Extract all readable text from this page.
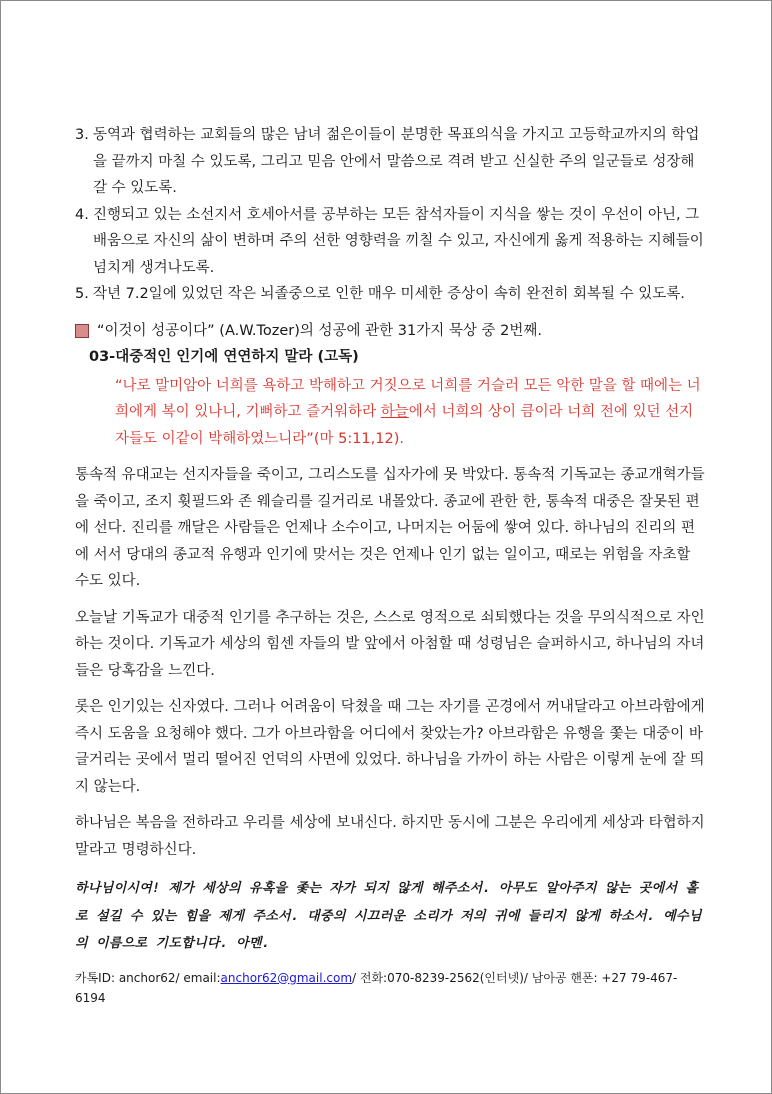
3. 동역과 협력하는 교회들의 많은 남녀 젊은이들이 분명한 목표의식을 가지고 고등학교까지의 학업을 끝까지 마칠 수 있도록, 그리고 믿음 안에서 말씀으로 격려 받고 신실한 주의 일군들로 성장해 갈 수 있도록.
4. 진행되고 있는 소선지서 호세아서를 공부하는 모든 참석자들이 지식을 쌓는 것이 우선이 아닌, 그 배움으로 자신의 삶이 변하며 주의 선한 영향력을 끼칠 수 있고, 자신에게 옳게 적용하는 지혜들이 넘치게 생겨나도록.
5. 작년 7.2일에 있었던 작은 뇌졸중으로 인한 매우 미세한 증상이 속히 완전히 회복될 수 있도록.
“이것이 성공이다” (A.W.Tozer)의 성공에 관한 31가지 묵상 중 2번째.
03-대중적인 인기에 연연하지 말라 (고독)
“나로 말미암아 너희를 욕하고 박해하고 거짓으로 너희를 거슬러 모든 악한 말을 할 때에는 너희에게 복이 있나니, 기뻐하고 즐거워하라 하늘에서 너희의 상이 큼이라 너희 전에 있던 선지자들도 이같이 박해하였느니라”(마 5:11,12).

통속적 유대교는 선지자들을 죽이고, 그리스도를 십자가에 못 박았다. 통속적 기독교는 종교개혁가들을 죽이고, 조지 휫필드와 존 웨슬리를 길거리로 내몰았다. 종교에 관한 한, 통속적 대중은 잘못된 편에 선다. 진리를 깨달은 사람들은 언제나 소수이고, 나머지는 어둠에 쌓여 있다. 하나님의 진리의 편에 서서 당대의 종교적 유행과 인기에 맞서는 것은 언제나 인기 없는 일이고, 때로는 위험을 자초할 수도 있다.

오늘날 기독교가 대중적 인기를 추구하는 것은, 스스로 영적으로 쇠퇴했다는 것을 무의식적으로 자인하는 것이다. 기독교가 세상의 힘센 자들의 발 앞에서 아첨할 때 성령님은 슬퍼하시고, 하나님의 자녀들은 당혹감을 느낀다.

롯은 인기있는 신자였다. 그러나 어려움이 닥쳤을 때 그는 자기를 곤경에서 꺼내달라고 아브라함에게 즉시 도움을 요청해야 했다. 그가 아브라함을 어디에서 찾았는가? 아브라함은 유행을 쫓는 대중이 바글거리는 곳에서 멀리 떨어진 언덕의 사면에 있었다. 하나님을 가까이 하는 사람은 이렇게 눈에 잘 띄지 않는다.

하나님은 복음을 전하라고 우리를 세상에 보내신다. 하지만 동시에 그분은 우리에게 세상과 타협하지 말라고 명령하신다.

하나님이시여! 제가 세상의 유혹을 좇는 자가 되지 않게 해주소서. 아무도 알아주지 않는 곳에서 홀로 설길 수 있는 힘을 제게 주소서. 대중의 시끄러운 소리가 저의 귀에 들리지 않게 하소서. 예수님의 이름으로 기도합니다. 아멘.
카톡ID: anchor62/ email:anchor62@gmail.com/ 전화:070-8239-2562(인터넷)/ 남아공 핸폰: +27 79-467-6194
